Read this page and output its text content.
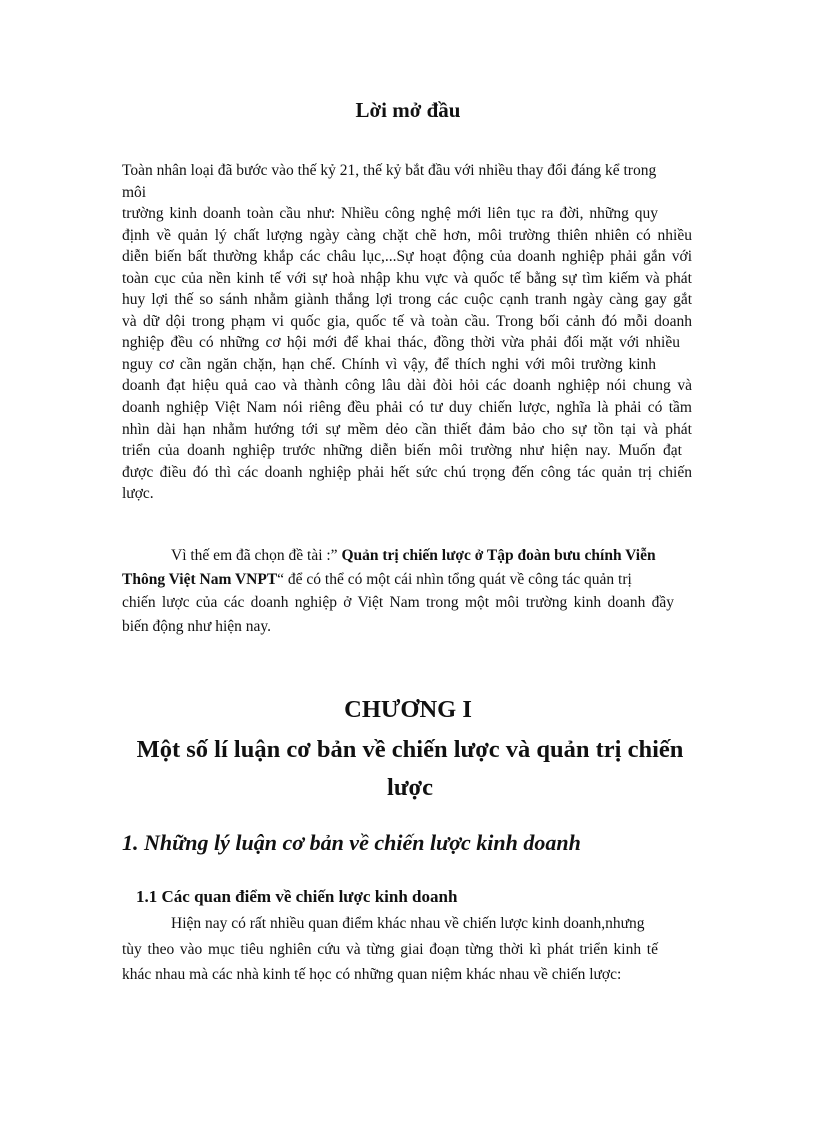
Lời mở đầu
Toàn nhân loại đã bước vào thế kỷ 21, thế kỷ bắt đầu với nhiều thay đổi đáng kể trong
môi
trường kinh doanh toàn cầu như: Nhiều công nghệ mới liên tục ra đời, những quy
định về quản lý chất lượng ngày càng chặt chẽ hơn, môi trường thiên nhiên có nhiều
diễn biến bất thường khắp các châu lục,...Sự hoạt động của doanh nghiệp phải gắn với
toàn cục của nền kinh tế với sự hoà nhập khu vực và quốc tế bằng sự tìm kiếm và phát
huy lợi thế so sánh nhằm giành thắng lợi trong các cuộc cạnh tranh ngày càng gay gắt
và dữ dội trong phạm vi quốc gia, quốc tế và toàn cầu. Trong bối cảnh đó mỗi doanh
nghiệp đều có những cơ hội mới để khai thác, đồng thời vừa phải đối mặt với nhiều
nguy cơ cần ngăn chặn, hạn chế. Chính vì vậy, để thích nghi với môi trường kinh
doanh đạt hiệu quả cao và thành công lâu dài đòi hỏi các doanh nghiệp nói chung và
doanh nghiệp Việt Nam nói riêng đều phải có tư duy chiến lược, nghĩa là phải có tầm
nhìn dài hạn nhằm hướng tới sự mềm dẻo cần thiết đảm bảo cho sự tồn tại và phát
triển của doanh nghiệp trước những diễn biến môi trường như hiện nay. Muốn đạt
được điều đó thì các doanh nghiệp phải hết sức chú trọng đến công tác quản trị chiến
lược.
Vì thế em đã chọn đề tài :” Quản trị chiến lược ở Tập đoàn bưu chính Viễn
Thông Việt Nam VNPT“ để có thể có một cái nhìn tổng quát về công tác quản trị
chiến lược của các doanh nghiệp ở Việt Nam trong một môi trường kinh doanh đầy
biến động như hiện nay.
CHƯƠNG I
Một số lí luận cơ bản về chiến lược và quản trị chiến lược
1. Những lý luận cơ bản về chiến lược kinh doanh
1.1 Các quan điểm về chiến lược kinh doanh
Hiện nay có rất nhiều quan điểm khác nhau về chiến lược kinh doanh,nhưng
tùy theo vào mục tiêu nghiên cứu và từng giai đoạn từng thời kì phát triển kinh tế
khác nhau mà các nhà kinh tế học có những quan niệm khác nhau về chiến lược:
